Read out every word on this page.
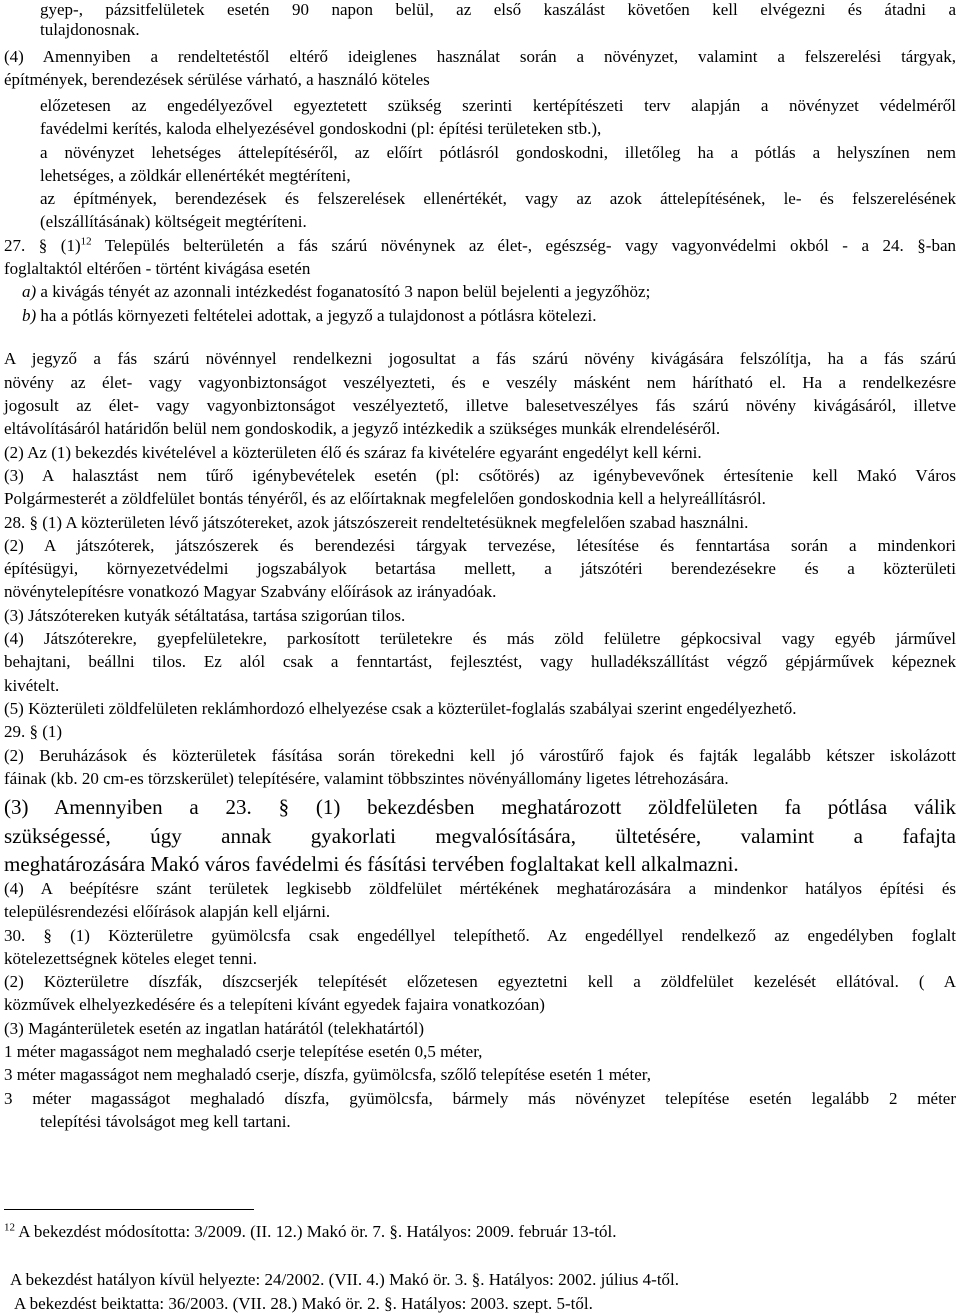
gyep-, pázsitfelületek esetén 90 napon belül, az első kaszálást követően kell elvégezni és átadni a
tulajdonosnak.
(4) Amennyiben a rendeltetéstől eltérő ideiglenes használat során a növényzet, valamint a felszerelési tárgyak,
építmények, berendezések sérülése várható, a használó köteles
előzetesen az engedélyezővel egyeztetett szükség szerinti kertépítészeti terv alapján a növényzet védelméről
favédelmi kerítés, kaloda elhelyezésével gondoskodni (pl: építési területeken stb.),
a növényzet lehetséges áttelepítéséről, az előírt pótlásról gondoskodni, illetőleg ha a pótlás a helyszínen nem
lehetséges, a zöldkár ellenértékét megtéríteni,
az építmények, berendezések és felszerelések ellenértékét, vagy az azok áttelepítésének, le- és felszerelésének
(elszállításának) költségeit megtéríteni.
27. § $(1)^{12}$ Település belterületén a fás szárú növénynek az élet-, egészség- vagy vagyonvédelmi okból - a 24. §-ban
foglaltaktól eltérően - történt kivágása esetén
a) a kivágás tényét az azonnali intézkedést foganatosító 3 napon belül bejelenti a jegyzőhöz;
b) ha a pótlás környezeti feltételei adottak, a jegyző a tulajdonost a pótlásra kötelezi.
A jegyző a fás szárú növénnyel rendelkezni jogosultat a fás szárú növény kivágására felszólítja, ha a fás szárú
növény az élet- vagy vagyonbiztonságot veszélyezteti, és e veszély másként nem hárítható el. Ha a rendelkezésre
jogosult az élet- vagy vagyonbiztonságot veszélyeztető, illetve balesetveszélyes fás szárú növény kivágásáról, illetve
eltávolításáról határidőn belül nem gondoskodik, a jegyző intézkedik a szükséges munkák elrendeléséről.
(2) Az (1) bekezdés kivételével a közterületen élő és száraz fa kivételére egyaránt engedélyt kell kérni.
(3) A halasztást nem tűrő igénybevételek esetén (pl: csőtörés) az igénybevevőnek értesítenie kell Makó Város
Polgármesterét a zöldfelület bontás tényéről, és az előírtaknak megfelelően gondoskodnia kell a helyreállításról.
28. § (1) A közterületen lévő játszótereket, azok játszószereit rendeltetésüknek megfelelően szabad használni.
(2) A játszóterek, játszószerek és berendezési tárgyak tervezése, létesítése és fenntartása során a mindenkori
építésügyi, környezetvédelmi jogszabályok betartása mellett, a játszótéri berendezésekre és a közterületi
növénytelepítésre vonatkozó Magyar Szabvány előírások az irányadóak.
(3) Játszótereken kutyák sétáltatása, tartása szigorúan tilos.
(4) Játszóterekre, gyepfelületekre, parkosított területekre és más zöld felületre gépkocsival vagy egyéb járművel
behajtani, beállni tilos. Ez alól csak a fenntartást, fejlesztést, vagy hulladékszállítást végző gépjárművek képeznek
kivételt.
(5) Közterületi zöldfelületen reklámhordozó elhelyezése csak a közterület-foglalás szabályai szerint engedélyezhető.
29. § (1)
(2) Beruházások és közterületek fásítása során törekedni kell jó várostűrő fajok és fajták legalább kétszer iskolázott
fáinak (kb. 20 cm-es törzskerület) telepítésére, valamint többszintes növényállomány ligetes létrehozására.
(3) Amennyiben a 23. § (1) bekezdésben meghatározott zöldfelületen fa pótlása válik
szükségessé, úgy annak gyakorlati megvalósítására, ültetésére, valamint a fafajta
meghatározására Makó város favédelmi és fásítási tervében foglaltakat kell alkalmazni.
(4) A beépítésre szánt területek legkisebb zöldfelület mértékének meghatározására a mindenkor hatályos építési és
településrendezési előírások alapján kell eljárni.
30. § (1) Közterületre gyümölcsfa csak engedéllyel telepíthető. Az engedéllyel rendelkező az engedélyben foglalt
kötelezettségnek köteles eleget tenni.
(2) Közterületre díszfák, díszcserjék telepítését előzetesen egyeztetni kell a zöldfelület kezelését ellátóval. ( A
közművek elhelyezkedésére és a telepíteni kívánt egyedek fajaira vonatkozóan)
(3) Magánterületek esetén az ingatlan határától (telekhatártól)
1 méter magasságot nem meghaladó cserje telepítése esetén 0,5 méter,
3 méter magasságot nem meghaladó cserje, díszfa, gyümölcsfa, szőlő telepítése esetén 1 méter,
3 méter magasságot meghaladó díszfa, gyümölcsfa, bármely más növényzet telepítése esetén legalább 2 méter
telepítési távolságot meg kell tartani.
$^{12}$ A bekezdést módosította: 3/2009. (II. 12.) Makó ör. 7. §. Hatályos: 2009. február 13-tól.
A bekezdést hatályon kívül helyezte: 24/2002. (VII. 4.) Makó ör. 3. §. Hatályos: 2002. július 4-től.
A bekezdést beiktatta: 36/2003. (VII. 28.) Makó ör. 2. §. Hatályos: 2003. szept. 5-től.
